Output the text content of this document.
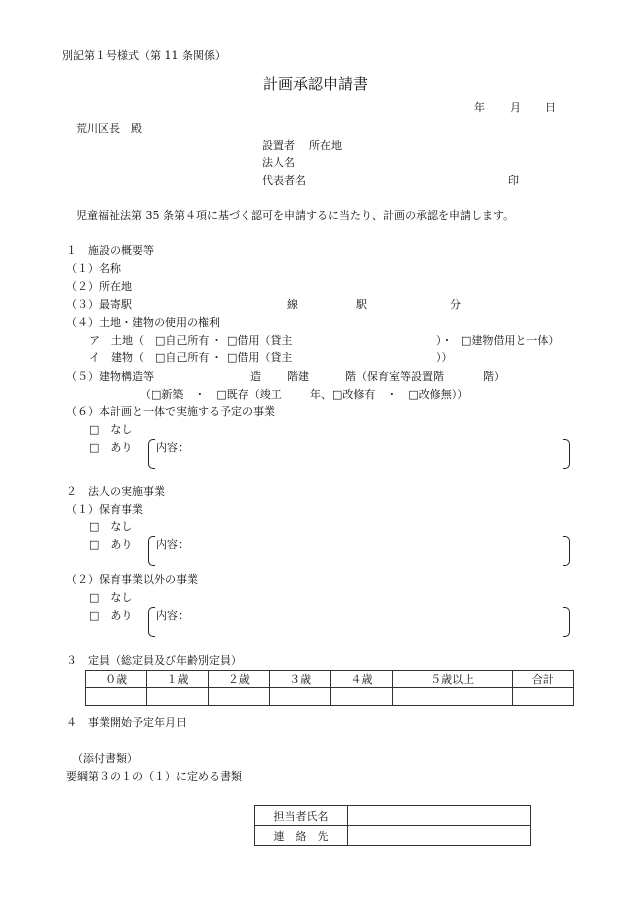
別記第１号様式（第 11 条関係）
計画承認申請書
年 月 日
荒川区長　殿
設置者 所在地
法人名
代表者名	印
児童福祉法第 35 条第４項に基づく認可を申請するに当たり、計画の承認を申請します。
１　施設の概要等
（１）名称
（２）所在地
（３）最寄駅	線	駅	分
（４）土地・建物の使用の権利
ア　土地（ □自己所有 ・ □借用（貸主	）・ □建物借用と一体）
イ　建物（ □自己所有 ・ □借用（貸主	））
（５）建物構造等	造 階建	階（保育室等設置階	階）
（□新築　・　□既存（竣工	年、□改修有　・　□改修無））
（６）本計画と一体で実施する予定の事業
□　なし
□　あり 内容：
２　法人の実施事業
（１）保育事業
□　なし
□　あり 内容：
（２）保育事業以外の事業
□　なし
□　あり 内容：
３　定員（総定員及び年齢別定員）
０歳	１歳	２歳	３歳	４歳	５歳以上	合計

４　事業開始予定年月日
（添付書類）
要綱第３の１の（１）に定める書類
担当者氏名	
連　絡　先	
